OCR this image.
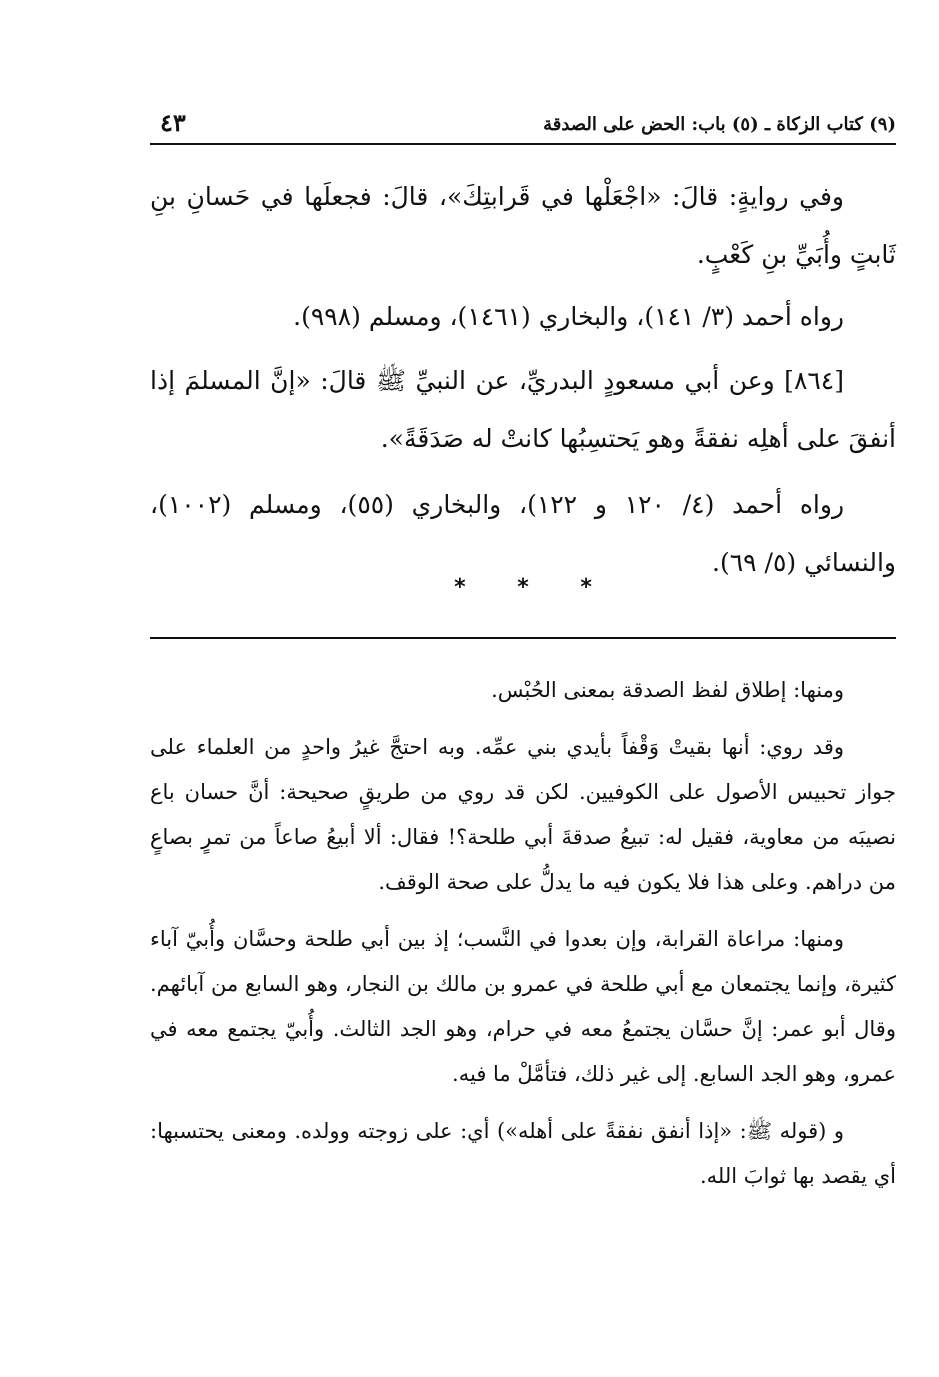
(٩) كتاب الزكاة ـ (٥) باب: الحض على الصدقة
٤٣

وفي روايةٍ: قالَ: «اجْعَلْها في قَرابتِكَ»، قالَ: فجعلَها في حَسانِ بنِ ثَابتٍ وأُبَيِّ بنِ كَعْبٍ.

رواه أحمد (٣/ ١٤١)، والبخاري (١٤٦١)، ومسلم (٩٩٨).

[٨٦٤] وعن أبي مسعودٍ البدريِّ، عن النبيِّ ﷺ قالَ: «إنَّ المسلمَ إذا أنفقَ على أهلِه نفقةً وهو يَحتسِبُها كانتْ له صَدَقَةً».

رواه أحمد (٤/ ١٢٠ و ١٢٢)، والبخاري (٥٥)، ومسلم (١٠٠٢)، والنسائي (٥/ ٦٩).

* * *

ومنها: إطلاق لفظ الصدقة بمعنى الحُبْس.

وقد روي: أنها بقيتْ وَقْفاً بأيدي بني عمِّه. وبه احتجَّ غيرُ واحدٍ من العلماء على جواز تحبيس الأصول على الكوفيين. لكن قد روي من طريقٍ صحيحة: أنَّ حسان باع نصيبَه من معاوية، فقيل له: تبيعُ صدقةَ أبي طلحة؟! فقال: ألا أبيعُ صاعاً من تمرٍ بصاعٍ من دراهم. وعلى هذا فلا يكون فيه ما يدلُّ على صحة الوقف.

ومنها: مراعاة القرابة، وإن بعدوا في النَّسب؛ إذ بين أبي طلحة وحسَّان وأُبيّ آباء كثيرة، وإنما يجتمعان مع أبي طلحة في عمرو بن مالك بن النجار، وهو السابع من آبائهم. وقال أبو عمر: إنَّ حسَّان يجتمعُ معه في حرام، وهو الجد الثالث. وأُبيّ يجتمع معه في عمرو، وهو الجد السابع. إلى غير ذلك، فتأمَّلْ ما فيه.

و (قوله ﷺ: «إذا أنفق نفقةً على أهله») أي: على زوجته وولده. ومعنى يحتسبها: أي يقصد بها ثوابَ الله.
